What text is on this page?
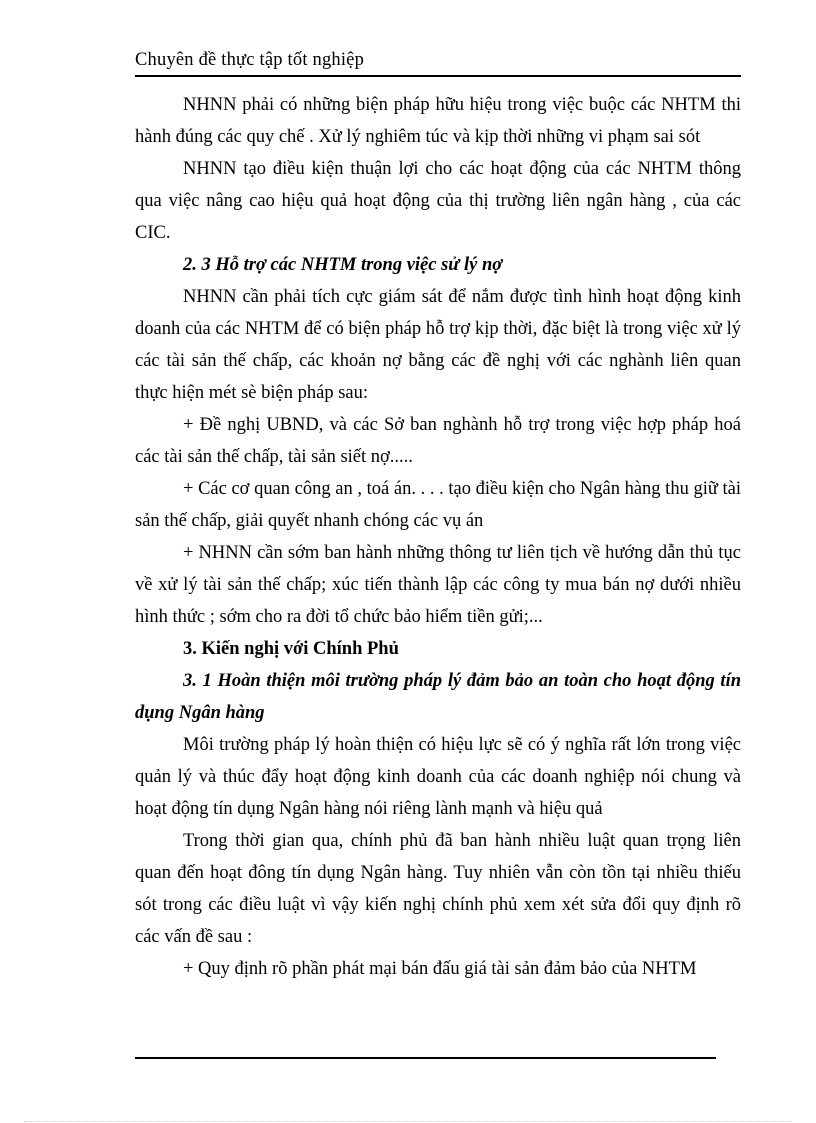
Chuyên đề thực tập tốt nghiệp

NHNN phải có những biện pháp hữu hiệu trong việc buộc các NHTM thi hành đúng các quy chế . Xử lý nghiêm túc và kịp thời những vi phạm sai sót

NHNN tạo điều kiện thuận lợi cho các hoạt động của các NHTM thông qua việc nâng cao hiệu quả hoạt động của thị trường liên ngân hàng , của các CIC.

2. 3 Hỗ trợ các NHTM trong việc sử lý nợ

NHNN cần phải tích cực giám sát để nắm được tình hình hoạt động kinh doanh của các NHTM để có biện pháp hỗ trợ kịp thời, đặc biệt là trong việc xử lý các tài sản thế chấp, các khoản nợ bằng các đề nghị với các nghành liên quan thực hiện mét sè biện pháp sau:

+ Đề nghị UBND, và các Sở ban nghành hỗ trợ trong việc hợp pháp hoá các tài sản thế chấp, tài sản siết nợ.....

+ Các cơ quan công an , toá án. . . . tạo điều kiện cho Ngân hàng thu giữ tài sản thế chấp, giải quyết nhanh chóng các vụ án

+ NHNN cần sớm ban hành những thông tư liên tịch về hướng dẫn thủ tục về xử lý tài sản thế chấp; xúc tiến thành lập các công ty mua bán nợ dưới nhiều hình thức ; sớm cho ra đời tổ chức bảo hiểm tiền gửi;...

3. Kiến nghị với Chính Phủ

3. 1 Hoàn thiện môi trường pháp lý đảm bảo an toàn cho hoạt động tín dụng Ngân hàng

Môi trường pháp lý hoàn thiện có hiệu lực sẽ có ý nghĩa rất lớn trong việc quản lý và thúc đẩy hoạt động kinh doanh của các doanh nghiệp nói chung và hoạt động tín dụng Ngân hàng nói riêng lành mạnh và hiệu quả

Trong thời gian qua, chính phủ đã ban hành nhiều luật quan trọng liên quan đến hoạt đông tín dụng Ngân hàng. Tuy nhiên vẫn còn tồn tại nhiều thiếu sót trong các điều luật vì vậy kiến nghị chính phủ xem xét sửa đổi quy định rõ các vấn đề sau :

+ Quy định rõ phần phát mại bán đấu giá tài sản đảm bảo của NHTM
